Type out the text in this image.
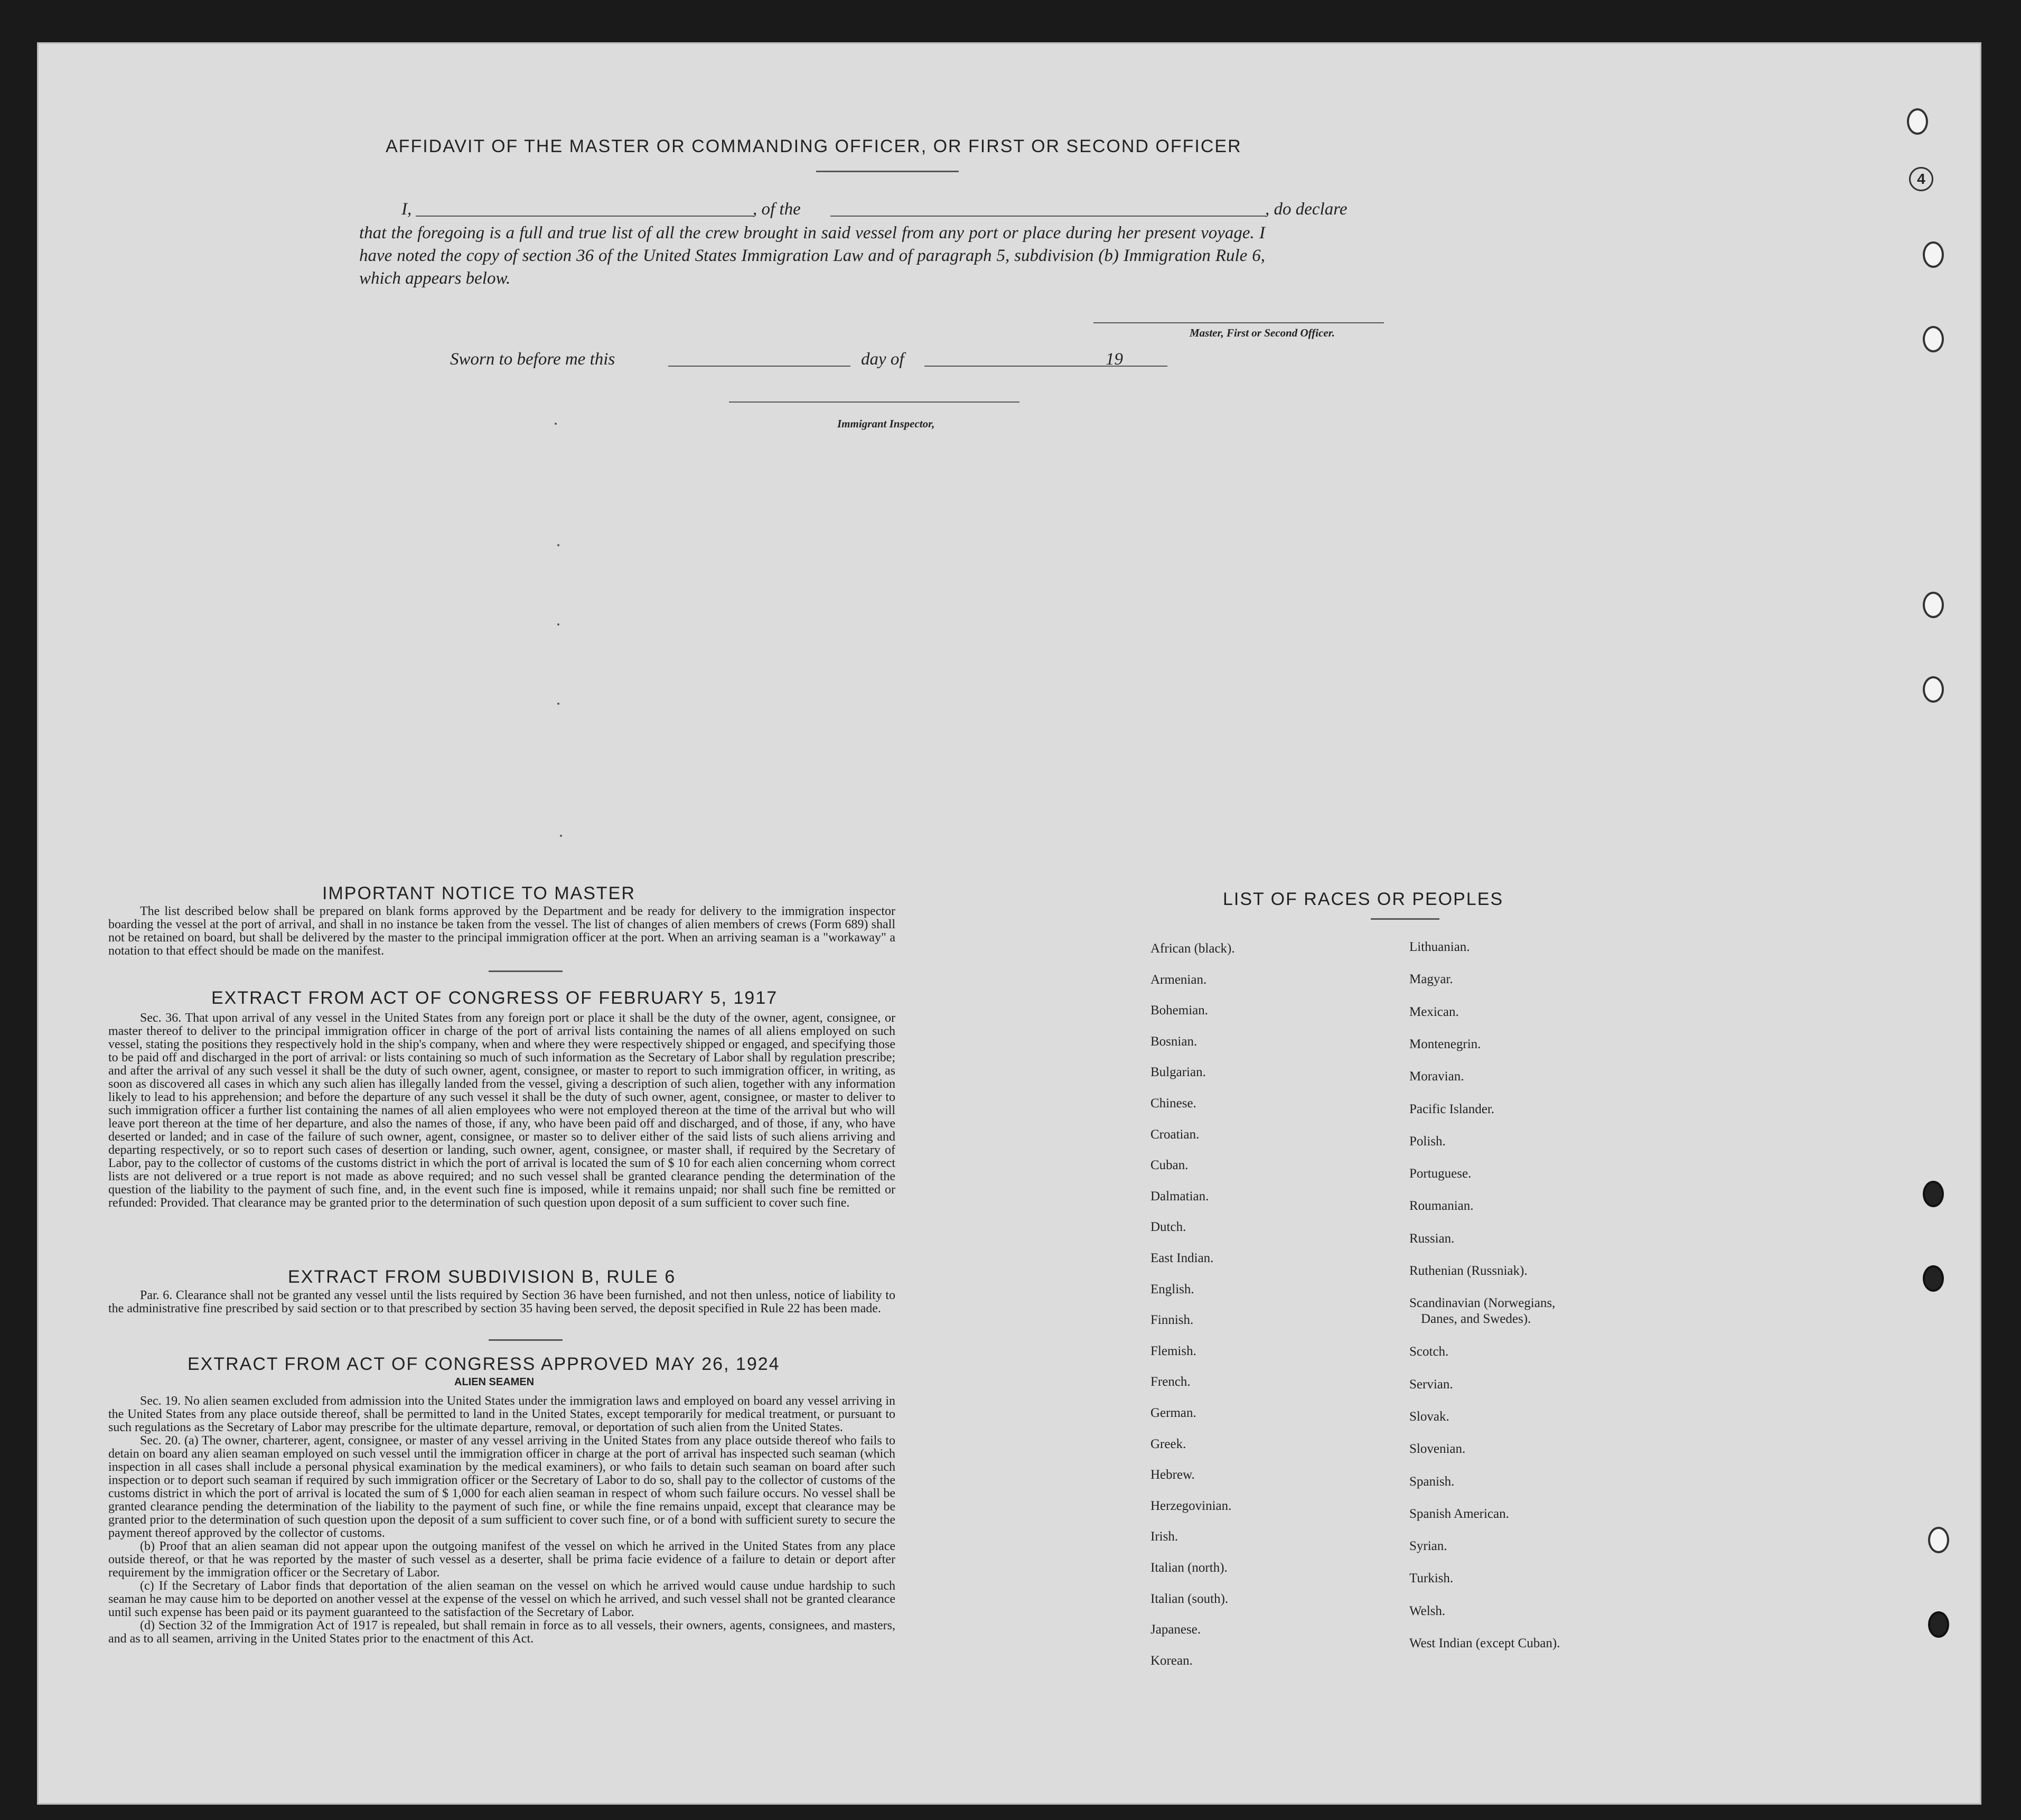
4
AFFIDAVIT OF THE MASTER OR COMMANDING OFFICER, OR FIRST OR SECOND OFFICER
I,	, of the	, do declare
that the foregoing is a full and true list of all the crew brought in said vessel from any port or place during her present voyage. I have noted the copy of section 36 of the United States Immigration Law and of paragraph 5, subdivision (b) Immigration Rule 6, which appears below.
Master, First or Second Officer.
Sworn to before me this	day of	19
Immigrant Inspector,
IMPORTANT NOTICE TO MASTER

The list described below shall be prepared on blank forms approved by the Department and be ready for delivery to the immigration inspector boarding the vessel at the port of arrival, and shall in no instance be taken from the vessel. The list of changes of alien members of crews (Form 689) shall not be retained on board, but shall be delivered by the master to the principal immigration officer at the port. When an arriving seaman is a "workaway" a notation to that effect should be made on the manifest.

EXTRACT FROM ACT OF CONGRESS OF FEBRUARY 5, 1917

Sec. 36. That upon arrival of any vessel in the United States from any foreign port or place it shall be the duty of the owner, agent, consignee, or master thereof to deliver to the principal immigration officer in charge of the port of arrival lists containing the names of all aliens employed on such vessel, stating the positions they respectively hold in the ship's company, when and where they were respectively shipped or engaged, and specifying those to be paid off and discharged in the port of arrival: or lists containing so much of such information as the Secretary of Labor shall by regulation prescribe; and after the arrival of any such vessel it shall be the duty of such owner, agent, consignee, or master to report to such immigration officer, in writing, as soon as discovered all cases in which any such alien has illegally landed from the vessel, giving a description of such alien, together with any information likely to lead to his apprehension; and before the departure of any such vessel it shall be the duty of such owner, agent, consignee, or master to deliver to such immigration officer a further list containing the names of all alien employees who were not employed thereon at the time of the arrival but who will leave port thereon at the time of her departure, and also the names of those, if any, who have been paid off and discharged, and of those, if any, who have deserted or landed; and in case of the failure of such owner, agent, consignee, or master so to deliver either of the said lists of such aliens arriving and departing respectively, or so to report such cases of desertion or landing, such owner, agent, consignee, or master shall, if required by the Secretary of Labor, pay to the collector of customs of the customs district in which the port of arrival is located the sum of $ 10 for each alien concerning whom correct lists are not delivered or a true report is not made as above required; and no such vessel shall be granted clearance pending the determination of the question of the liability to the payment of such fine, and, in the event such fine is imposed, while it remains unpaid; nor shall such fine be remitted or refunded: Provided. That clearance may be granted prior to the determination of such question upon deposit of a sum sufficient to cover such fine.

EXTRACT FROM SUBDIVISION B, RULE 6

Par. 6. Clearance shall not be granted any vessel until the lists required by Section 36 have been furnished, and not then unless, notice of liability to the administrative fine prescribed by said section or to that prescribed by section 35 having been served, the deposit specified in Rule 22 has been made.

EXTRACT FROM ACT OF CONGRESS APPROVED MAY 26, 1924
ALIEN SEAMEN

Sec. 19. No alien seamen excluded from admission into the United States under the immigration laws and employed on board any vessel arriving in the United States from any place outside thereof, shall be permitted to land in the United States, except temporarily for medical treatment, or pursuant to such regulations as the Secretary of Labor may prescribe for the ultimate departure, removal, or deportation of such alien from the United States.

Sec. 20. (a) The owner, charterer, agent, consignee, or master of any vessel arriving in the United States from any place outside thereof who fails to detain on board any alien seaman employed on such vessel until the immigration officer in charge at the port of arrival has inspected such seaman (which inspection in all cases shall include a personal physical examination by the medical examiners), or who fails to detain such seaman on board after such inspection or to deport such seaman if required by such immigration officer or the Secretary of Labor to do so, shall pay to the collector of customs of the customs district in which the port of arrival is located the sum of $ 1,000 for each alien seaman in respect of whom such failure occurs. No vessel shall be granted clearance pending the determination of the liability to the payment of such fine, or while the fine remains unpaid, except that clearance may be granted prior to the determination of such question upon the deposit of a sum sufficient to cover such fine, or of a bond with sufficient surety to secure the payment thereof approved by the collector of customs.

(b) Proof that an alien seaman did not appear upon the outgoing manifest of the vessel on which he arrived in the United States from any place outside thereof, or that he was reported by the master of such vessel as a deserter, shall be prima facie evidence of a failure to detain or deport after requirement by the immigration officer or the Secretary of Labor.

(c) If the Secretary of Labor finds that deportation of the alien seaman on the vessel on which he arrived would cause undue hardship to such seaman he may cause him to be deported on another vessel at the expense of the vessel on which he arrived, and such vessel shall not be granted clearance until such expense has been paid or its payment guaranteed to the satisfaction of the Secretary of Labor.

(d) Section 32 of the Immigration Act of 1917 is repealed, but shall remain in force as to all vessels, their owners, agents, consignees, and masters, and as to all seamen, arriving in the United States prior to the enactment of this Act.

LIST OF RACES OR PEOPLES
African (black).
Armenian.
Bohemian.
Bosnian.
Bulgarian.
Chinese.
Croatian.
Cuban.
Dalmatian.
Dutch.
East Indian.
English.
Finnish.
Flemish.
French.
German.
Greek.
Hebrew.
Herzegovinian.
Irish.
Italian (north).
Italian (south).
Japanese.
Korean.
Lithuanian.
Magyar.
Mexican.
Montenegrin.
Moravian.
Pacific Islander.
Polish.
Portuguese.
Roumanian.
Russian.
Ruthenian (Russniak).
Scandinavian (Norwegians,
Danes, and Swedes).
Scotch.
Servian.
Slovak.
Slovenian.
Spanish.
Spanish American.
Syrian.
Turkish.
Welsh.
West Indian (except Cuban).
